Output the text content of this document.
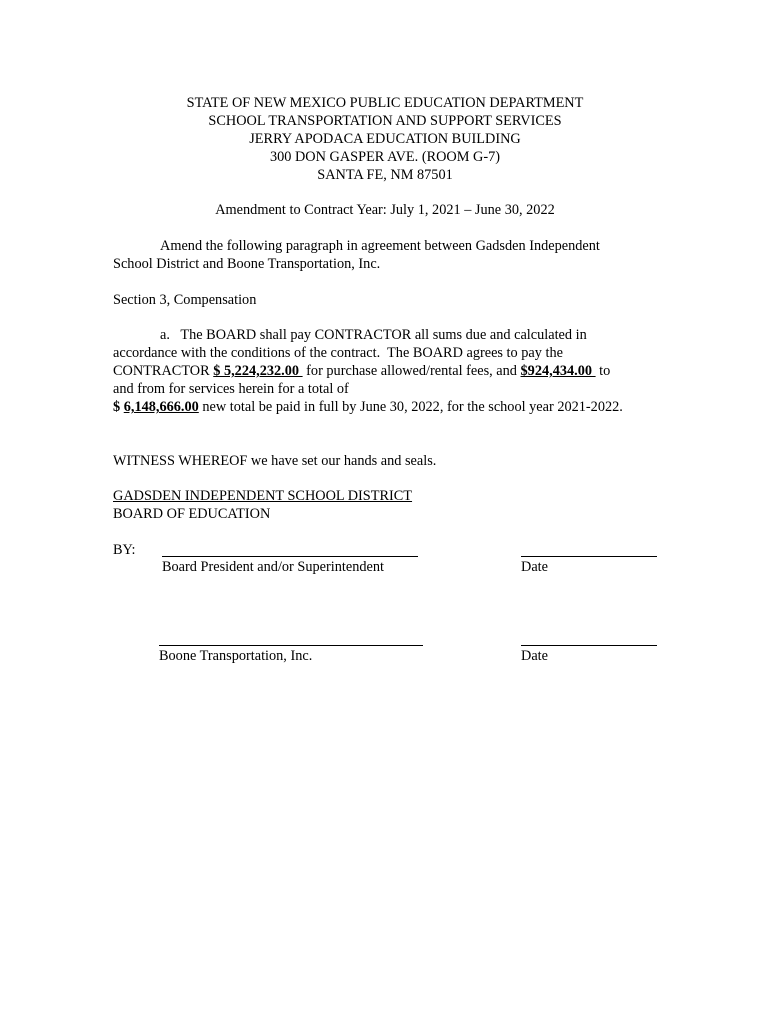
STATE OF NEW MEXICO PUBLIC EDUCATION DEPARTMENT
SCHOOL TRANSPORTATION AND SUPPORT SERVICES
JERRY APODACA EDUCATION BUILDING
300 DON GASPER AVE. (ROOM G-7)
SANTA FE, NM 87501
Amendment to Contract Year: July 1, 2021 – June 30, 2022
Amend the following paragraph in agreement between Gadsden Independent
School District and Boone Transportation, Inc.
Section 3, Compensation
a.   The BOARD shall pay CONTRACTOR all sums due and calculated in
accordance with the conditions of the contract.  The BOARD agrees to pay the
CONTRACTOR $ 5,224,232.00  for purchase allowed/rental fees, and $924,434.00  to
and from for services herein for a total of
$ 6,148,666.00 new total be paid in full by June 30, 2022, for the school year 2021-2022.
WITNESS WHEREOF we have set our hands and seals.
GADSDEN INDEPENDENT SCHOOL DISTRICT
BOARD OF EDUCATION
BY:
Board President and/or Superintendent	Date
Boone Transportation, Inc.	Date
